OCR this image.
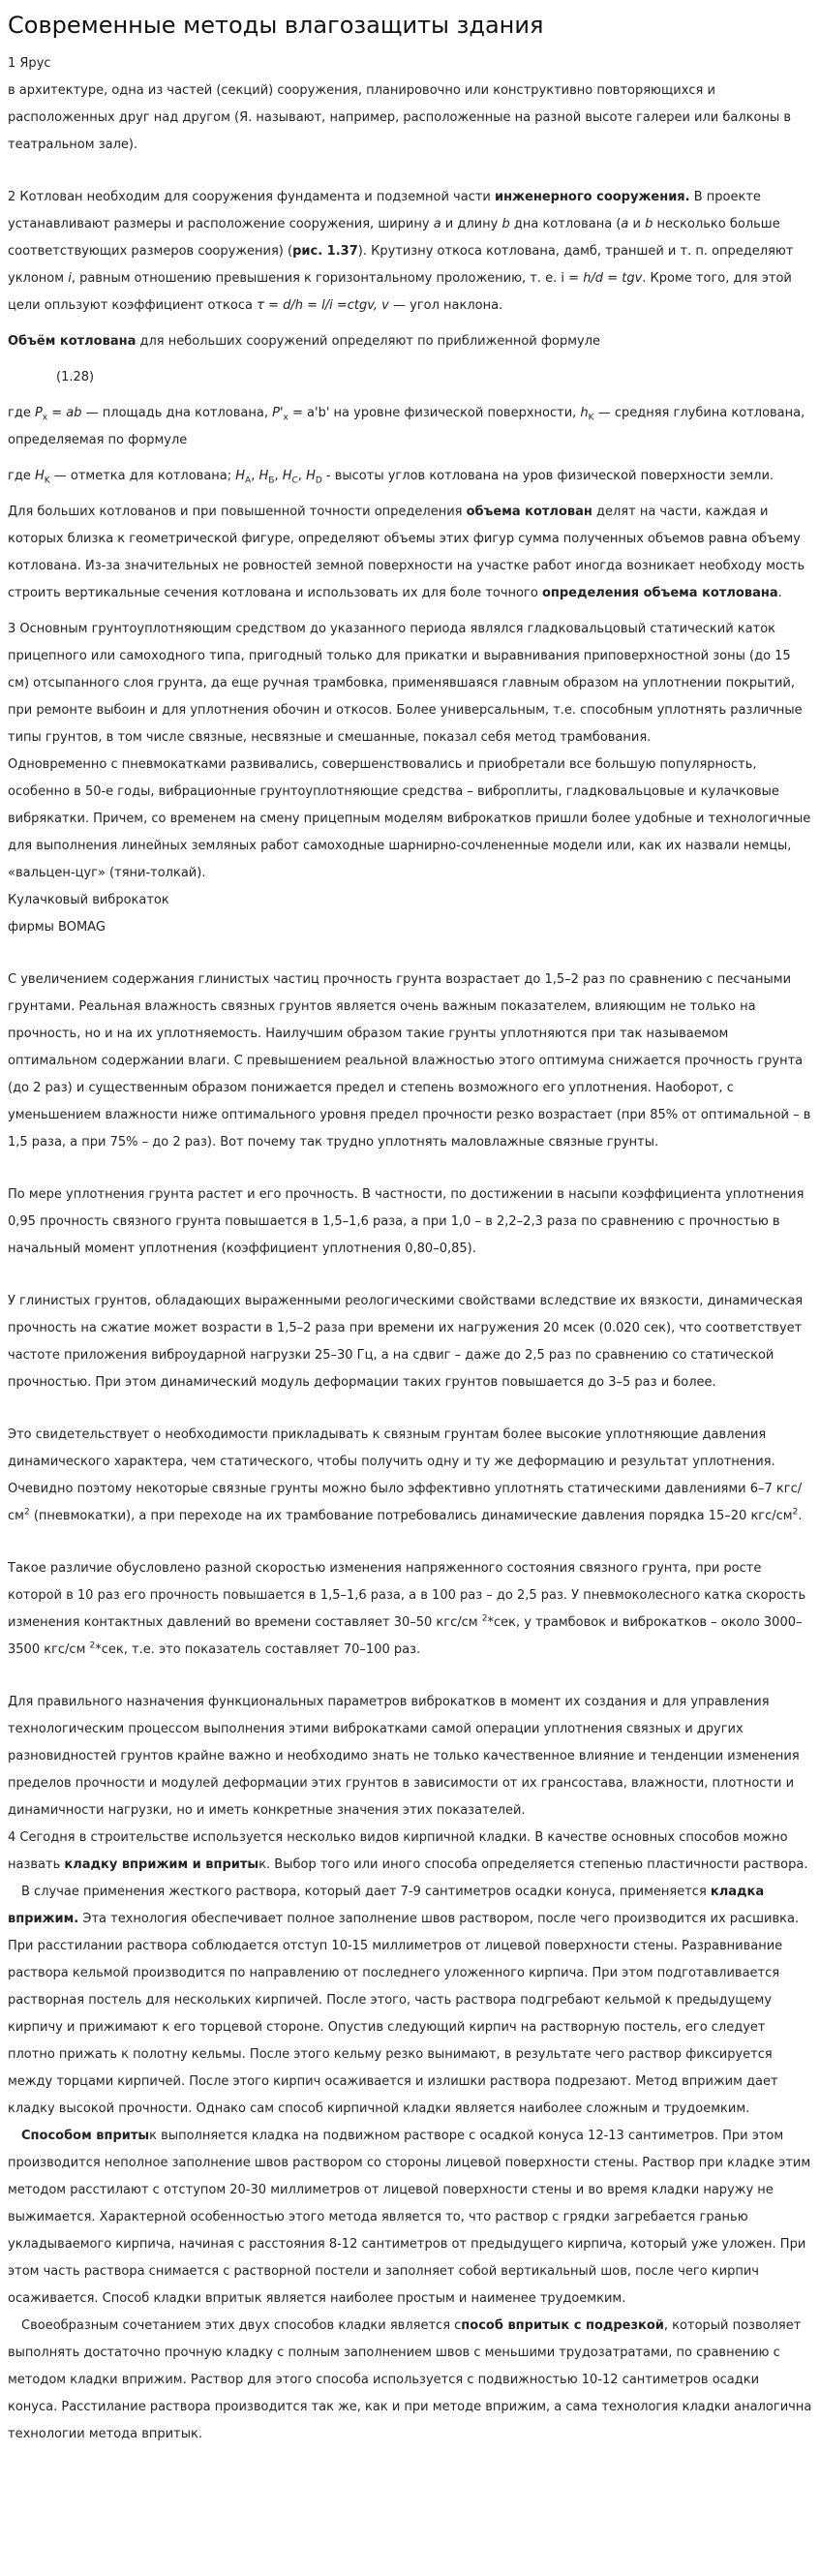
Современные методы влагозащиты здания

1 Ярус

в архитектуре, одна из частей (секций) сооружения, планировочно или конструктивно повторяющихся и расположенных друг над другом (Я. называют, например, расположенные на разной высоте галереи или балконы в театральном зале).

2 Котлован необходим для сооружения фундамента и подземной части инженерного сооружения. В проекте устанавливают размеры и расположение сооружения, ширину a и длину b дна котлована (a и b несколько больше соответствующих размеров сооружения) (рис. 1.37). Крутизну откоса котлована, дамб, траншей и т. п. определяют уклоном i, равным отношению превышения к горизонтальному проложению, т. е. i = h/d = tgv. Кроме того, для этой цели опльзуют коэффициент откоса τ = d/h = l/i =ctgv, v — угол наклона.

Объём котлована для небольших сооружений определяют по приближенной формуле

(1.28)

где $P_x$ = ab — площадь дна котлована, $P'_x = a'b'$ на уровне физической поверхности, $h_K$ — средняя глубина котлована, определяемая по формуле

где $H_K$ — отметка для котлована; $H_A$, $H_Б$, $H_C$, $H_D$ - высоты углов котлована на уров физической поверхности земли.

Для больших котлованов и при повышенной точности определения объема котлован делят на части, каждая и которых близка к геометрической фигуре, определяют объемы этих фигур сумма полученных объемов равна объему котлована. Из-за значительных не ровностей земной поверхности на участке работ иногда возникает необходу мость строить вертикальные сечения котлована и использовать их для боле точного определения объема котлована.

3 Основным грунтоуплотняющим средством до указанного периода являлся гладковальцовый статический каток прицепного или самоходного типа, пригодный только для прикатки и выравнивания приповерхностной зоны (до 15 см) отсыпанного слоя грунта, да еще ручная трамбовка, применявшаяся главным образом на уплотнении покрытий, при ремонте выбоин и для уплотнения обочин и откосов. Более универсальным, т.е. способным уплотнять различные типы грунтов, в том числе связные, несвязные и смешанные, показал себя метод трамбования.

Одновременно с пневмокатками развивались, совершенствовались и приобретали все большую популярность, особенно в 50-е годы, вибрационные грунтоуплотняющие средства – виброплиты, гладковальцовые и кулачковые вибрякатки. Причем, со временем на смену прицепным моделям виброкатков пришли более удобные и технологичные для выполнения линейных земляных работ самоходные шарнирно-сочлененные модели или, как их назвали немцы, «вальцен-цуг» (тяни-толкай).

Кулачковый виброкаток

фирмы BOMAG

С увеличением содержания глинистых частиц прочность грунта возрастает до 1,5–2 раз по сравнению с песчаными грунтами. Реальная влажность связных грунтов является очень важным показателем, влияющим не только на прочность, но и на их уплотняемость. Наилучшим образом такие грунты уплотняются при так называемом оптимальном содержании влаги. С превышением реальной влажностью этого оптимума снижается прочность грунта (до 2 раз) и существенным образом понижается предел и степень возможного его уплотнения. Наоборот, с уменьшением влажности ниже оптимального уровня предел прочности резко возрастает (при 85% от оптимальной – в 1,5 раза, а при 75% – до 2 раз). Вот почему так трудно уплотнять маловлажные связные грунты.

По мере уплотнения грунта растет и его прочность. В частности, по достижении в насыпи коэффициента уплотнения 0,95 прочность связного грунта повышается в 1,5–1,6 раза, а при 1,0 – в 2,2–2,3 раза по сравнению с прочностью в начальный момент уплотнения (коэффициент уплотнения 0,80–0,85).

У глинистых грунтов, обладающих выраженными реологическими свойствами вследствие их вязкости, динамическая прочность на сжатие может возрасти в 1,5–2 раза при времени их нагружения 20 мсек (0.020 сек), что соответствует частоте приложения виброударной нагрузки 25–30 Гц, а на сдвиг – даже до 2,5 раз по сравнению со статической прочностью. При этом динамический модуль деформации таких грунтов повышается до 3–5 раз и более.

Это свидетельствует о необходимости прикладывать к связным грунтам более высокие уплотняющие давления динамического характера, чем статического, чтобы получить одну и ту же деформацию и результат уплотнения. Очевидно поэтому некоторые связные грунты можно было эффективно уплотнять статическими давлениями 6–7 кгс/$см^2$ (пневмокатки), а при переходе на их трамбование потребовались динамические давления порядка 15–20 кгс/$см^2$.

Такое различие обусловлено разной скоростью изменения напряженного состояния связного грунта, при росте которой в 10 раз его прочность повышается в 1,5–1,6 раза, а в 100 раз – до 2,5 раз. У пневмоколесного катка скорость изменения контактных давлений во времени составляет 30–50 кгс/см $^2$*сек, у трамбовок и виброкатков – около 3000–3500 кгс/см $^2$*сек, т.е. это показатель составляет 70–100 раз.

Для правильного назначения функциональных параметров виброкатков в момент их создания и для управления технологическим процессом выполнения этими виброкатками самой операции уплотнения связных и других разновидностей грунтов крайне важно и необходимо знать не только качественное влияние и тенденции изменения пределов прочности и модулей деформации этих грунтов в зависимости от их грансостава, влажности, плотности и динамичности нагрузки, но и иметь конкретные значения этих показателей.

4 Сегодня в строительстве используется несколько видов кирпичной кладки. В качестве основных способов можно назвать кладку вприжим и впритык. Выбор того или иного способа определяется степенью пластичности раствора.

В случае применения жесткого раствора, который дает 7-9 сантиметров осадки конуса, применяется кладка вприжим. Эта технология обеспечивает полное заполнение швов раствором, после чего производится их расшивка. При расстилании раствора соблюдается отступ 10-15 миллиметров от лицевой поверхности стены. Разравнивание раствора кельмой производится по направлению от последнего уложенного кирпича. При этом подготавливается растворная постель для нескольких кирпичей. После этого, часть раствора подгребают кельмой к предыдущему кирпичу и прижимают к его торцевой стороне. Опустив следующий кирпич на растворную постель, его следует плотно прижать к полотну кельмы. После этого кельму резко вынимают, в результате чего раствор фиксируется между торцами кирпичей. После этого кирпич осаживается и излишки раствора подрезают. Метод вприжим дает кладку высокой прочности. Однако сам способ кирпичной кладки является наиболее сложным и трудоемким.

Способом впритык выполняется кладка на подвижном растворе с осадкой конуса 12-13 сантиметров. При этом производится неполное заполнение швов раствором со стороны лицевой поверхности стены. Раствор при кладке этим методом расстилают с отступом 20-30 миллиметров от лицевой поверхности стены и во время кладки наружу не выжимается. Характерной особенностью этого метода является то, что раствор с грядки загребается гранью укладываемого кирпича, начиная с расстояния 8-12 сантиметров от предыдущего кирпича, который уже уложен. При этом часть раствора снимается с растворной постели и заполняет собой вертикальный шов, после чего кирпич осаживается. Способ кладки впритык является наиболее простым и наименее трудоемким.

Своеобразным сочетанием этих двух способов кладки является способ впритык с подрезкой, который позволяет выполнять достаточно прочную кладку с полным заполнением швов с меньшими трудозатратами, по сравнению с методом кладки вприжим. Раствор для этого способа используется с подвижностью 10-12 сантиметров осадки конуса. Расстилание раствора производится так же, как и при методе вприжим, а сама технология кладки аналогична технологии метода впритык.
